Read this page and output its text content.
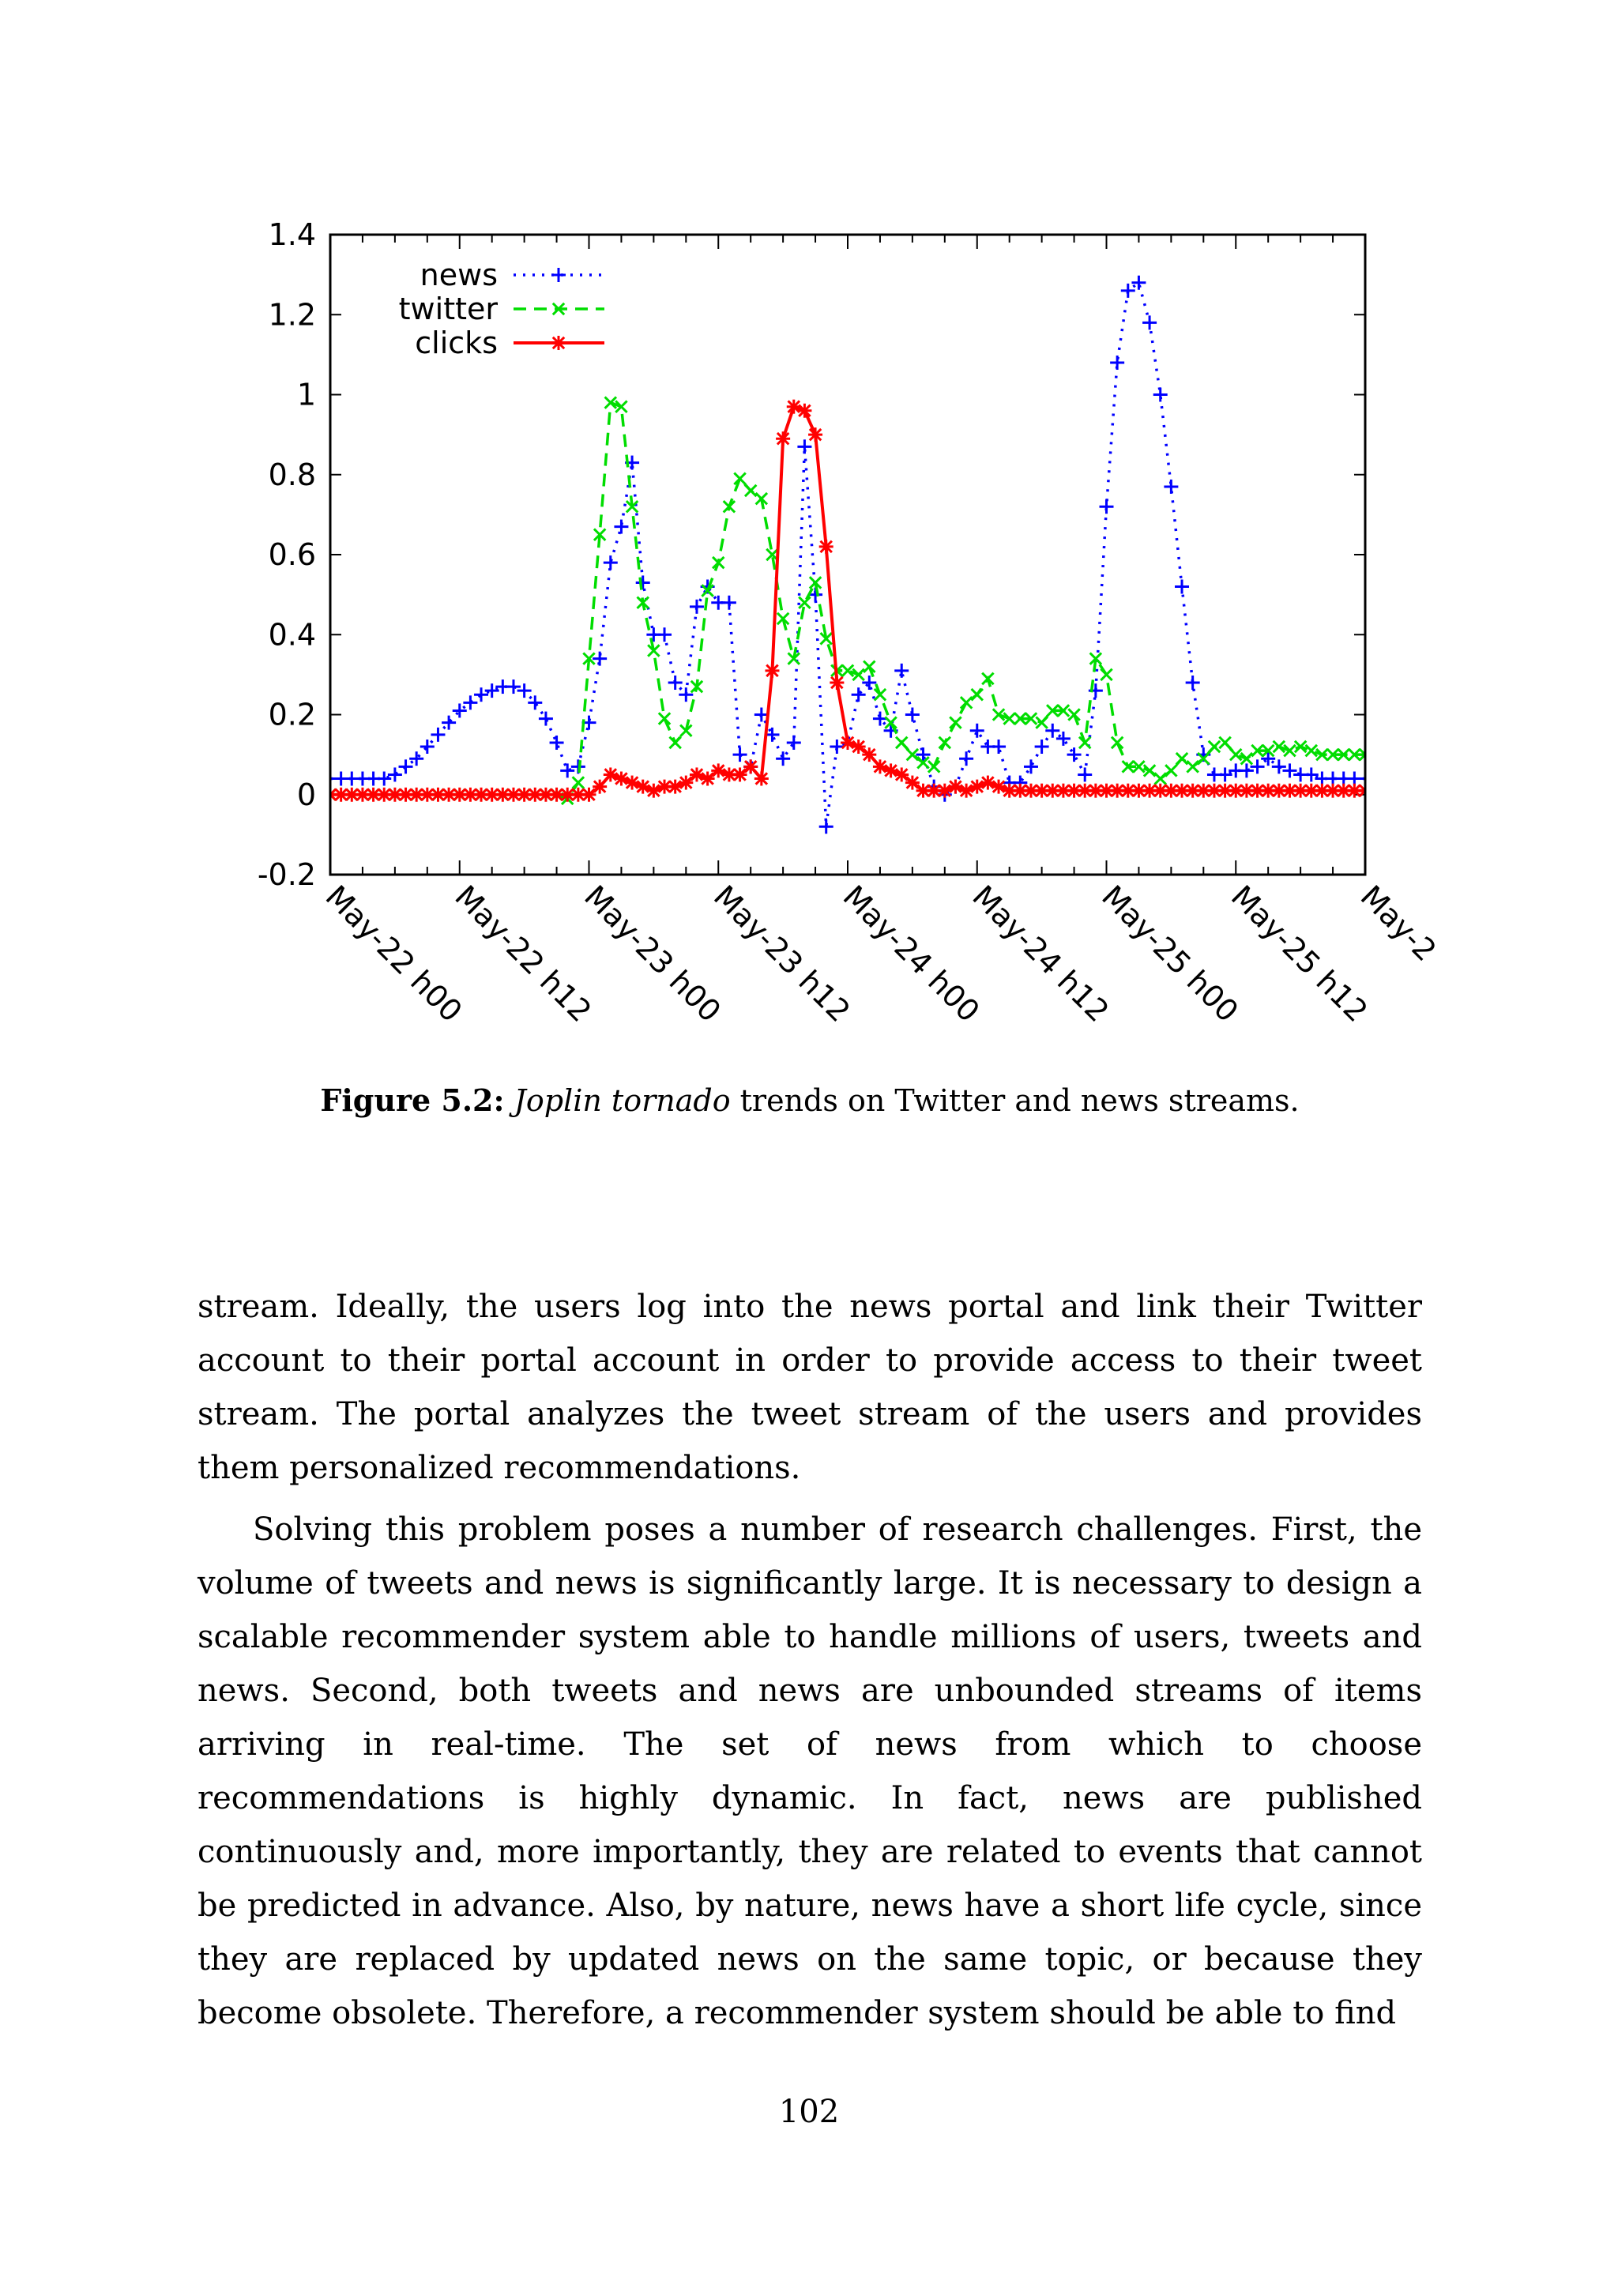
-0.2
0
0.2
0.4
0.6
0.8
1
1.2
1.4
May-22 h00
May-22 h12
May-23 h00
May-23 h12
May-24 h00
May-24 h12
May-25 h00
May-25 h12
May-2
news
twitter
clicks
Figure 5.2: Joplin tornado trends on Twitter and news streams.

stream. Ideally, the users log into the news portal and link their Twitter account to their portal account in order to provide access to their tweet stream. The portal analyzes the tweet stream of the users and provides them personalized recommendations.

Solving this problem poses a number of research challenges. First, the volume of tweets and news is significantly large. It is necessary to design a scalable recommender system able to handle millions of users, tweets and news. Second, both tweets and news are unbounded streams of items arriving in real-time. The set of news from which to choose recommendations is highly dynamic. In fact, news are published continuously and, more importantly, they are related to events that cannot be predicted in advance. Also, by nature, news have a short life cycle, since they are replaced by updated news on the same topic, or because they become obsolete. Therefore, a recommender system should be able to find

102
